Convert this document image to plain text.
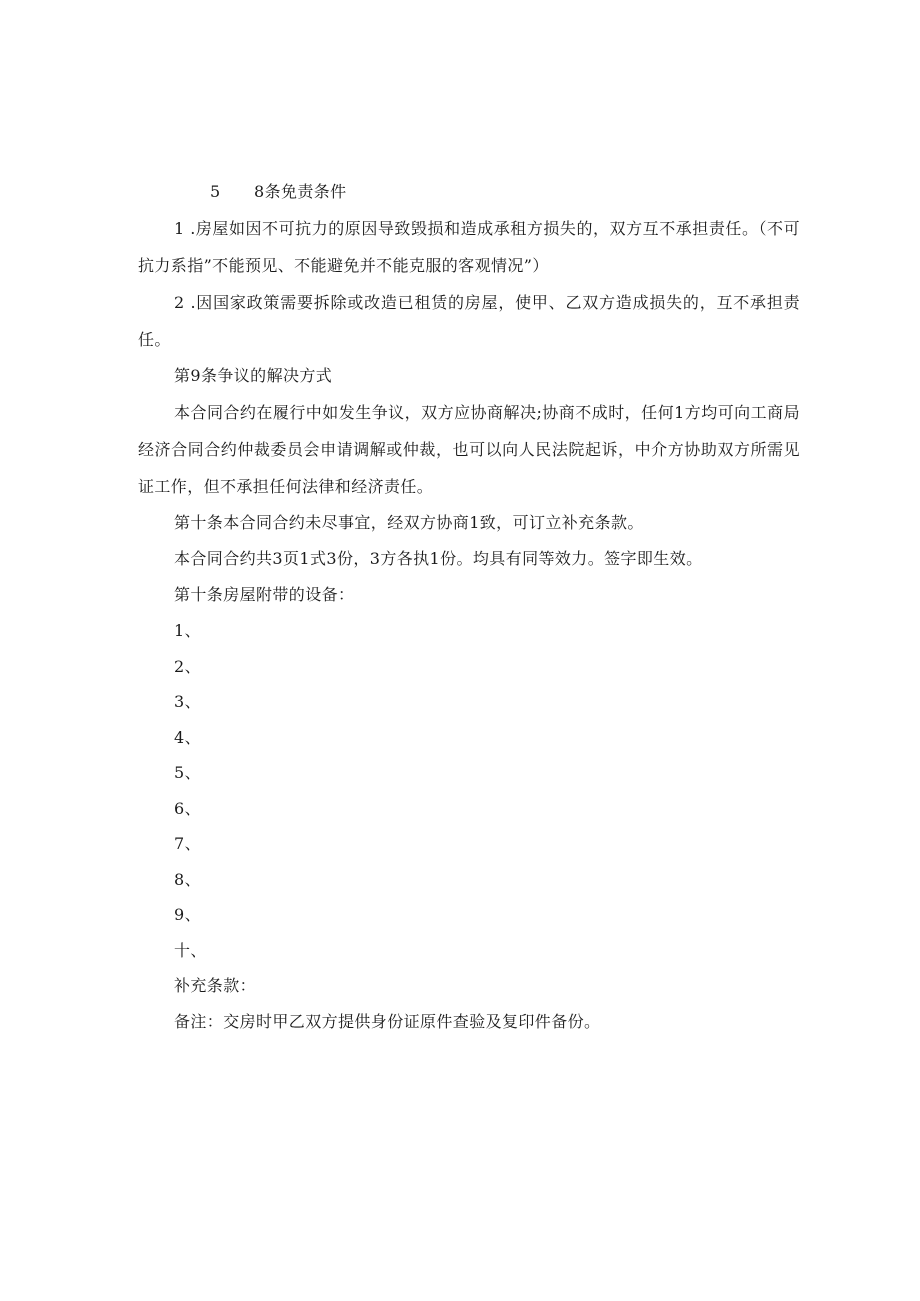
5 8条免责条件

1 .房屋如因不可抗力的原因导致毁损和造成承租方损失的，双方互不承担责任。（不可抗力系指”不能预见、不能避免并不能克服的客观情况”）

2 .因国家政策需要拆除或改造已租赁的房屋，使甲、乙双方造成损失的，互不承担责任。

第9条争议的解决方式

本合同合约在履行中如发生争议，双方应协商解决;协商不成时，任何1方均可向工商局经济合同合约仲裁委员会申请调解或仲裁，也可以向人民法院起诉，中介方协助双方所需见证工作，但不承担任何法律和经济责任。

第十条本合同合约未尽事宜，经双方协商1致，可订立补充条款。

本合同合约共3页1式3份，3方各执1份。均具有同等效力。签字即生效。

第十条房屋附带的设备：

1、

2、

3、

4、

5、

6、

7、

8、

9、

十、

补充条款：

备注：交房时甲乙双方提供身份证原件查验及复印件备份。
